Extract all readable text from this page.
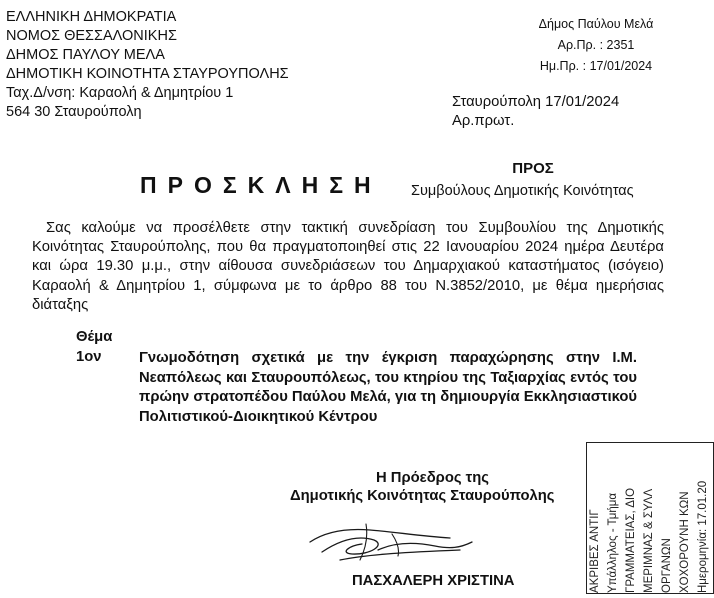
ΕΛΛΗΝΙΚΗ ΔΗΜΟΚΡΑΤΙΑ
ΝΟΜΟΣ ΘΕΣΣΑΛΟΝΙΚΗΣ
ΔΗΜΟΣ ΠΑΥΛΟΥ ΜΕΛΑ
ΔΗΜΟΤΙΚΗ ΚΟΙΝΟΤΗΤΑ ΣΤΑΥΡΟΥΠΟΛΗΣ
Ταχ.Δ/νση: Καραολή & Δημητρίου 1
564 30 Σταυρούπολη
Δήμος Παύλου Μελά
Αρ.Πρ. : 2351
Ημ.Πρ. : 17/01/2024
Σταυρούπολη 17/01/2024
Αρ.πρωτ.
ΠΡΟΣΚΛΗΣΗ
ΠΡΟΣ
Συμβούλους Δημοτικής Κοινότητας
Σας καλούμε να προσέλθετε στην τακτική συνεδρίαση του Συμβουλίου της Δημοτικής Κοινότητας Σταυρούπολης, που θα πραγματοποιηθεί στις 22 Ιανουαρίου 2024 ημέρα Δευτέρα και ώρα 19.30 μ.μ., στην αίθουσα συνεδριάσεων του Δημαρχιακού καταστήματος (ισόγειο) Καραολή & Δημητρίου 1, σύμφωνα με το άρθρο 88 του Ν.3852/2010, με θέμα ημερήσιας διάταξης
Θέμα
1ον	Γνωμοδότηση σχετικά με την έγκριση παραχώρησης στην Ι.Μ. Νεαπόλεως και Σταυρουπόλεως, του κτηρίου της Ταξιαρχίας εντός του πρώην στρατοπέδου Παύλου Μελά, για τη δημιουργία Εκκλησιαστικού Πολιτιστικού-Διοικητικού Κέντρου
Η Πρόεδρος της
Δημοτικής Κοινότητας Σταυρούπολης
ΠΑΣΧΑΛΕΡΗ ΧΡΙΣΤΙΝΑ	ΑΚΡΙΒΕΣ ΑΝΤΙΓ Υπάλληλος - Τμήμα ΓΡΑΜΜΑΤΕΙΑΣ, ΔΙΟ ΜΕΡΙΜΝΑΣ & ΣΥΛΛ ΟΡΓΑΝΩΝ ΧΟΧΟΡΟΥΝΗ ΚΩΝ Ημερομηνία: 17.01.20
